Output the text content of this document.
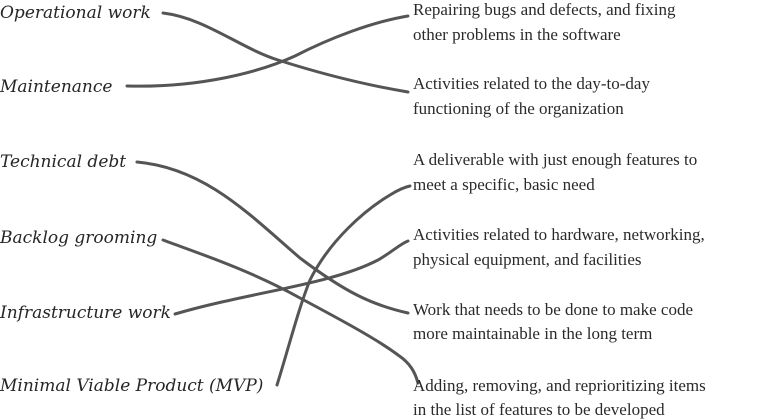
Operational work
Maintenance
Technical debt
Backlog grooming
Infrastructure work
Minimal Viable Product (MVP)
Repairing bugs and defects, and fixing
other problems in the software
Activities related to the day-to-day
functioning of the organization
A deliverable with just enough features to
meet a specific, basic need
Activities related to hardware, networking,
physical equipment, and facilities
Work that needs to be done to make code
more maintainable in the long term
Adding, removing, and reprioritizing items
in the list of features to be developed
